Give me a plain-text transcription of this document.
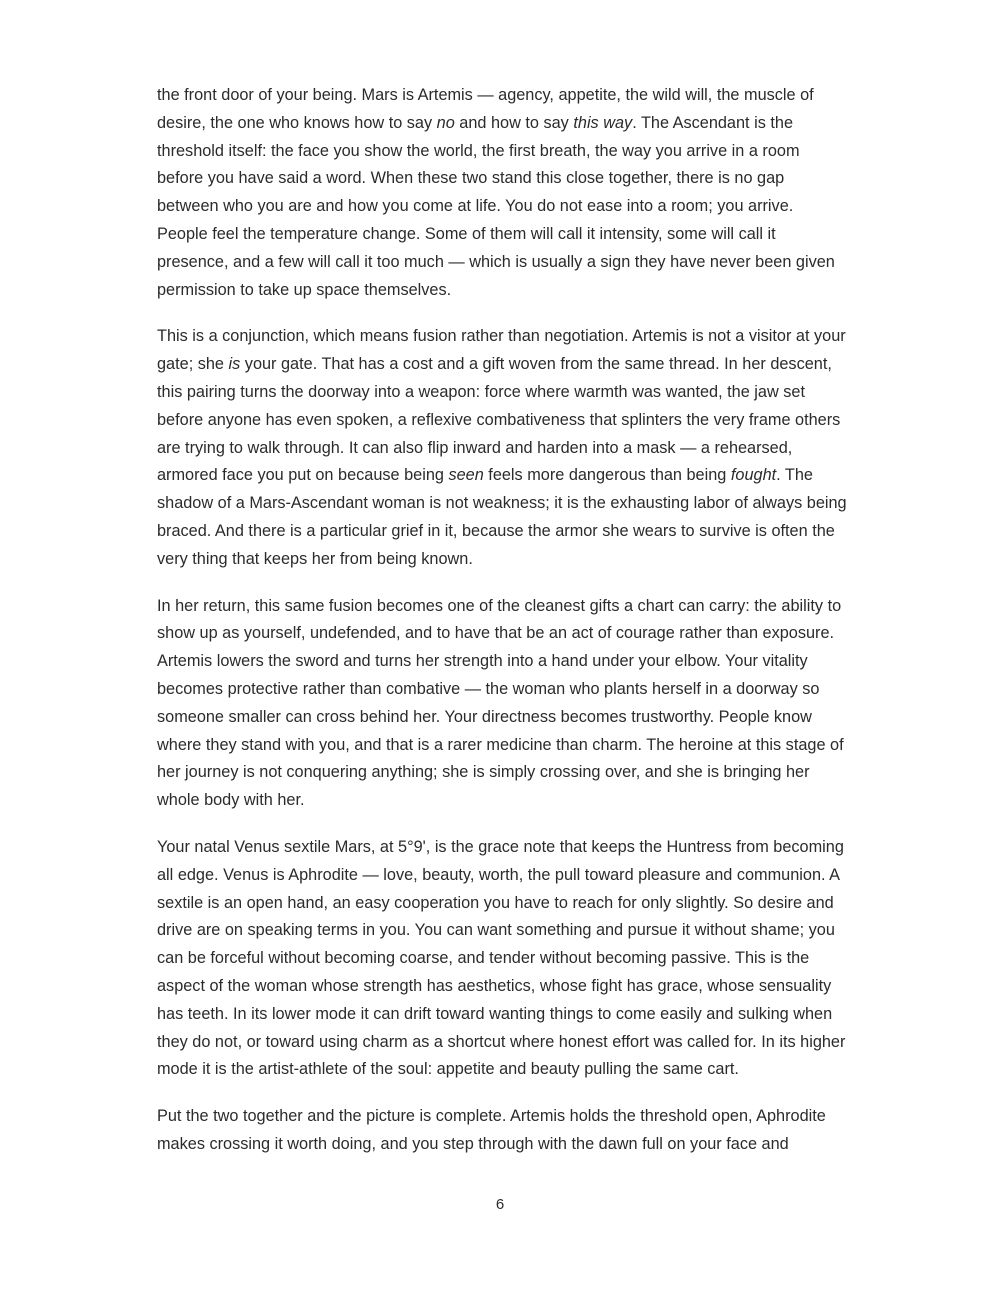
the front door of your being. Mars is Artemis — agency, appetite, the wild will, the muscle of desire, the one who knows how to say no and how to say this way. The Ascendant is the threshold itself: the face you show the world, the first breath, the way you arrive in a room before you have said a word. When these two stand this close together, there is no gap between who you are and how you come at life. You do not ease into a room; you arrive. People feel the temperature change. Some of them will call it intensity, some will call it presence, and a few will call it too much — which is usually a sign they have never been given permission to take up space themselves.

This is a conjunction, which means fusion rather than negotiation. Artemis is not a visitor at your gate; she is your gate. That has a cost and a gift woven from the same thread. In her descent, this pairing turns the doorway into a weapon: force where warmth was wanted, the jaw set before anyone has even spoken, a reflexive combativeness that splinters the very frame others are trying to walk through. It can also flip inward and harden into a mask — a rehearsed, armored face you put on because being seen feels more dangerous than being fought. The shadow of a Mars-Ascendant woman is not weakness; it is the exhausting labor of always being braced. And there is a particular grief in it, because the armor she wears to survive is often the very thing that keeps her from being known.

In her return, this same fusion becomes one of the cleanest gifts a chart can carry: the ability to show up as yourself, undefended, and to have that be an act of courage rather than exposure. Artemis lowers the sword and turns her strength into a hand under your elbow. Your vitality becomes protective rather than combative — the woman who plants herself in a doorway so someone smaller can cross behind her. Your directness becomes trustworthy. People know where they stand with you, and that is a rarer medicine than charm. The heroine at this stage of her journey is not conquering anything; she is simply crossing over, and she is bringing her whole body with her.

Your natal Venus sextile Mars, at 5°9', is the grace note that keeps the Huntress from becoming all edge. Venus is Aphrodite — love, beauty, worth, the pull toward pleasure and communion. A sextile is an open hand, an easy cooperation you have to reach for only slightly. So desire and drive are on speaking terms in you. You can want something and pursue it without shame; you can be forceful without becoming coarse, and tender without becoming passive. This is the aspect of the woman whose strength has aesthetics, whose fight has grace, whose sensuality has teeth. In its lower mode it can drift toward wanting things to come easily and sulking when they do not, or toward using charm as a shortcut where honest effort was called for. In its higher mode it is the artist-athlete of the soul: appetite and beauty pulling the same cart.

Put the two together and the picture is complete. Artemis holds the threshold open, Aphrodite makes crossing it worth doing, and you step through with the dawn full on your face and

6
